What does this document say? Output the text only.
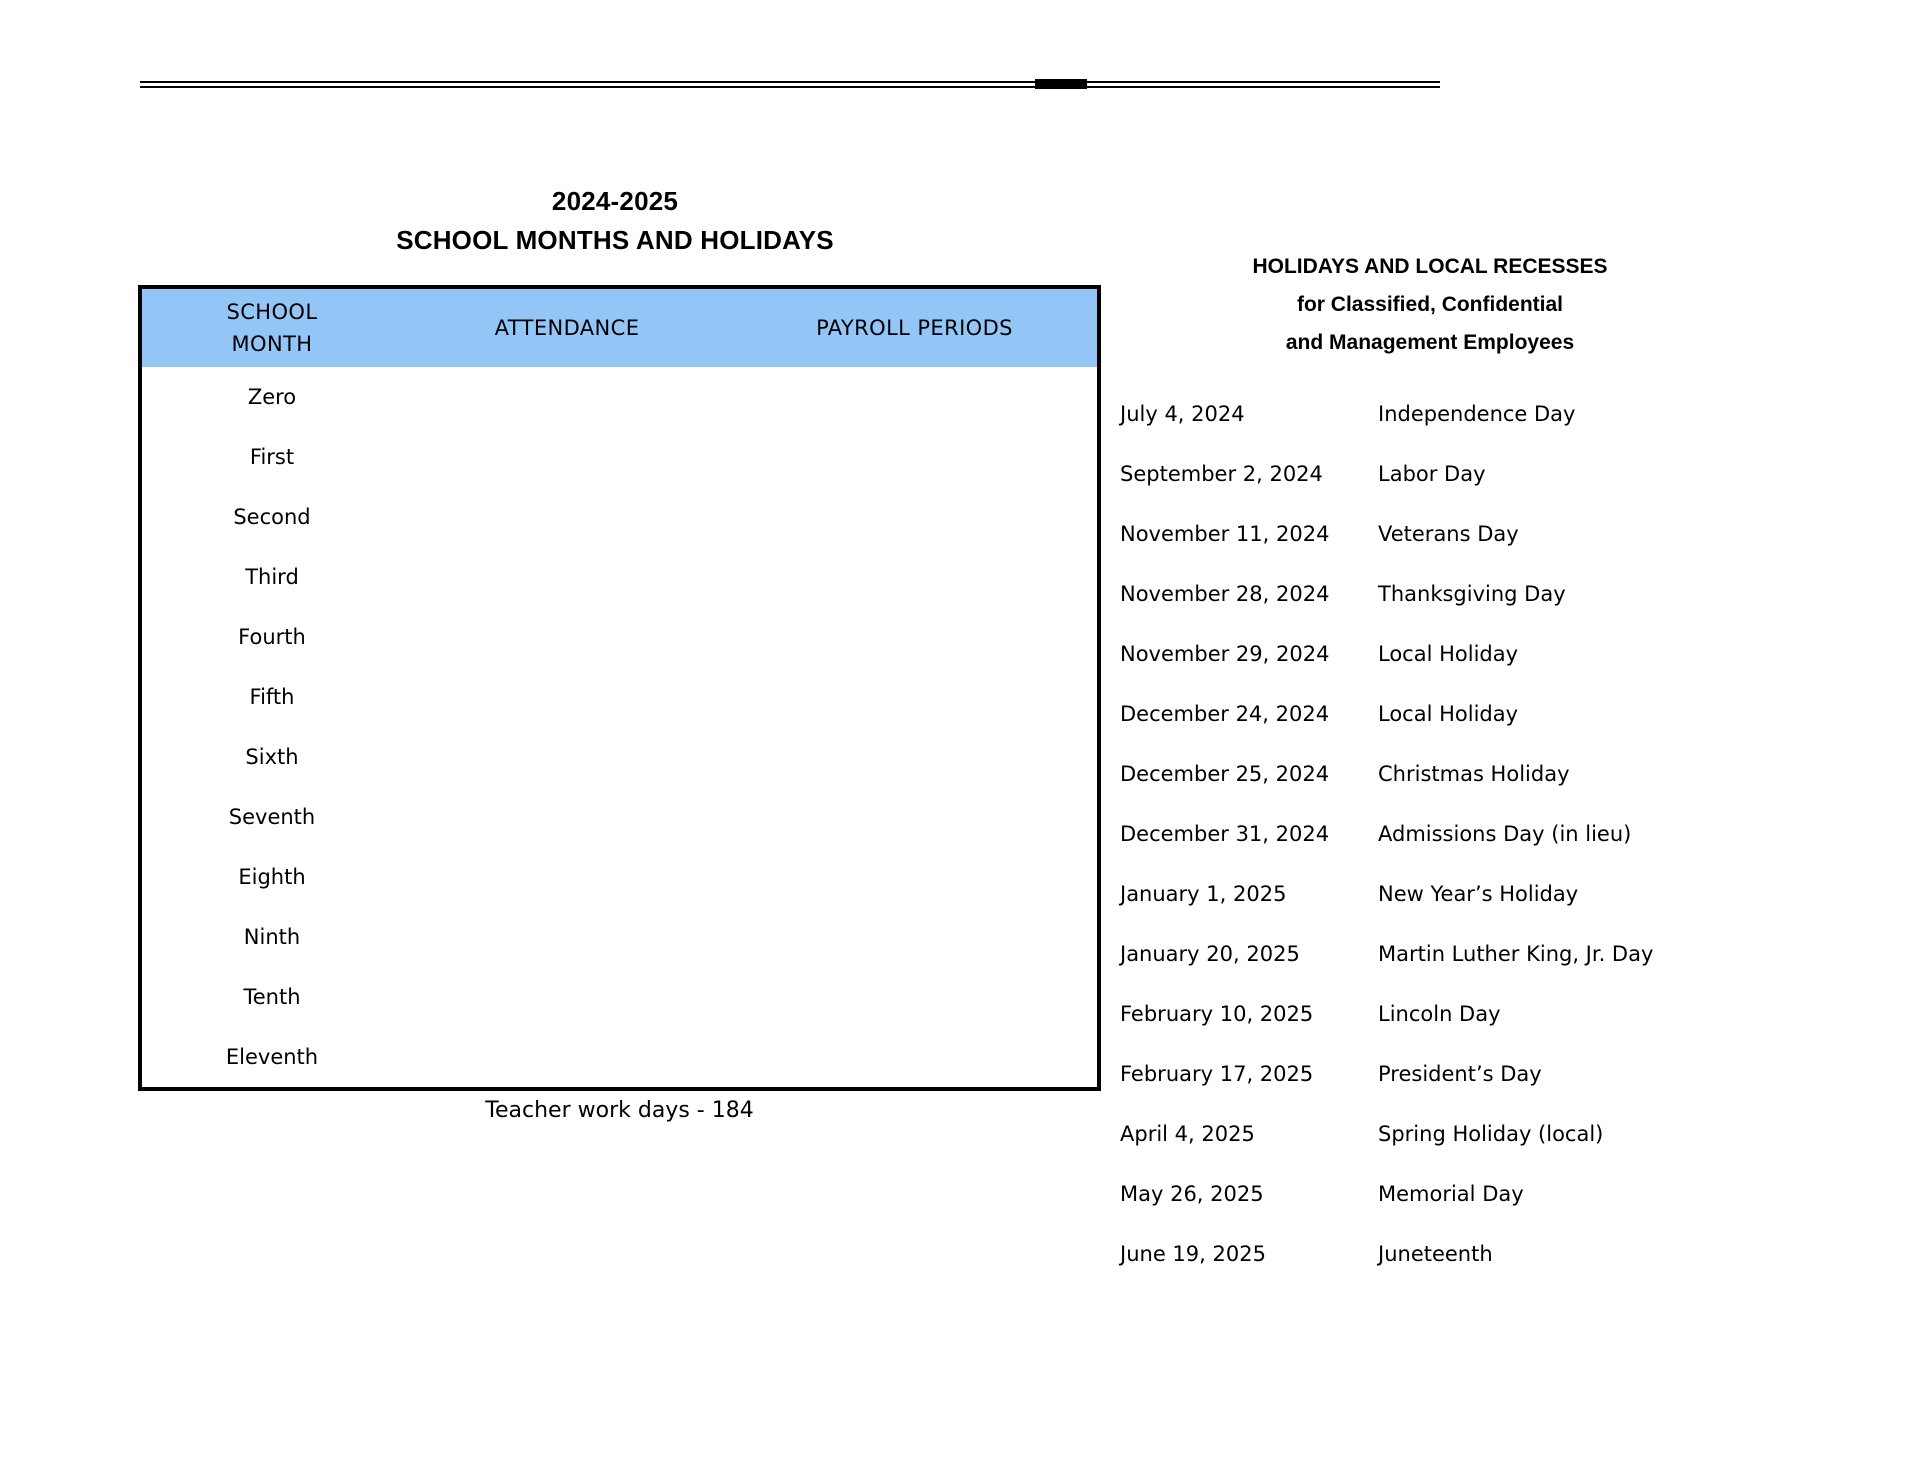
2024-2025
SCHOOL MONTHS AND HOLIDAYS
SCHOOL
MONTH	ATTENDANCE	PAYROLL PERIODS
Zero		
First		
Second		
Third		
Fourth		
Fifth		
Sixth		
Seventh		
Eighth		
Ninth		
Tenth		
Eleventh		
Teacher work days - 184
HOLIDAYS AND LOCAL RECESSES
for Classified, Confidential
and Management Employees
July 4, 2024	Independence Day
September 2, 2024	Labor Day
November 11, 2024	Veterans Day
November 28, 2024	Thanksgiving Day
November 29, 2024	Local Holiday
December 24, 2024	Local Holiday
December 25, 2024	Christmas Holiday
December 31, 2024	Admissions Day (in lieu)
January 1, 2025	New Year’s Holiday
January 20, 2025	Martin Luther King, Jr. Day
February 10, 2025	Lincoln Day
February 17, 2025	President’s Day
April 4, 2025	Spring Holiday (local)
May 26, 2025	Memorial Day
June 19, 2025	Juneteenth
